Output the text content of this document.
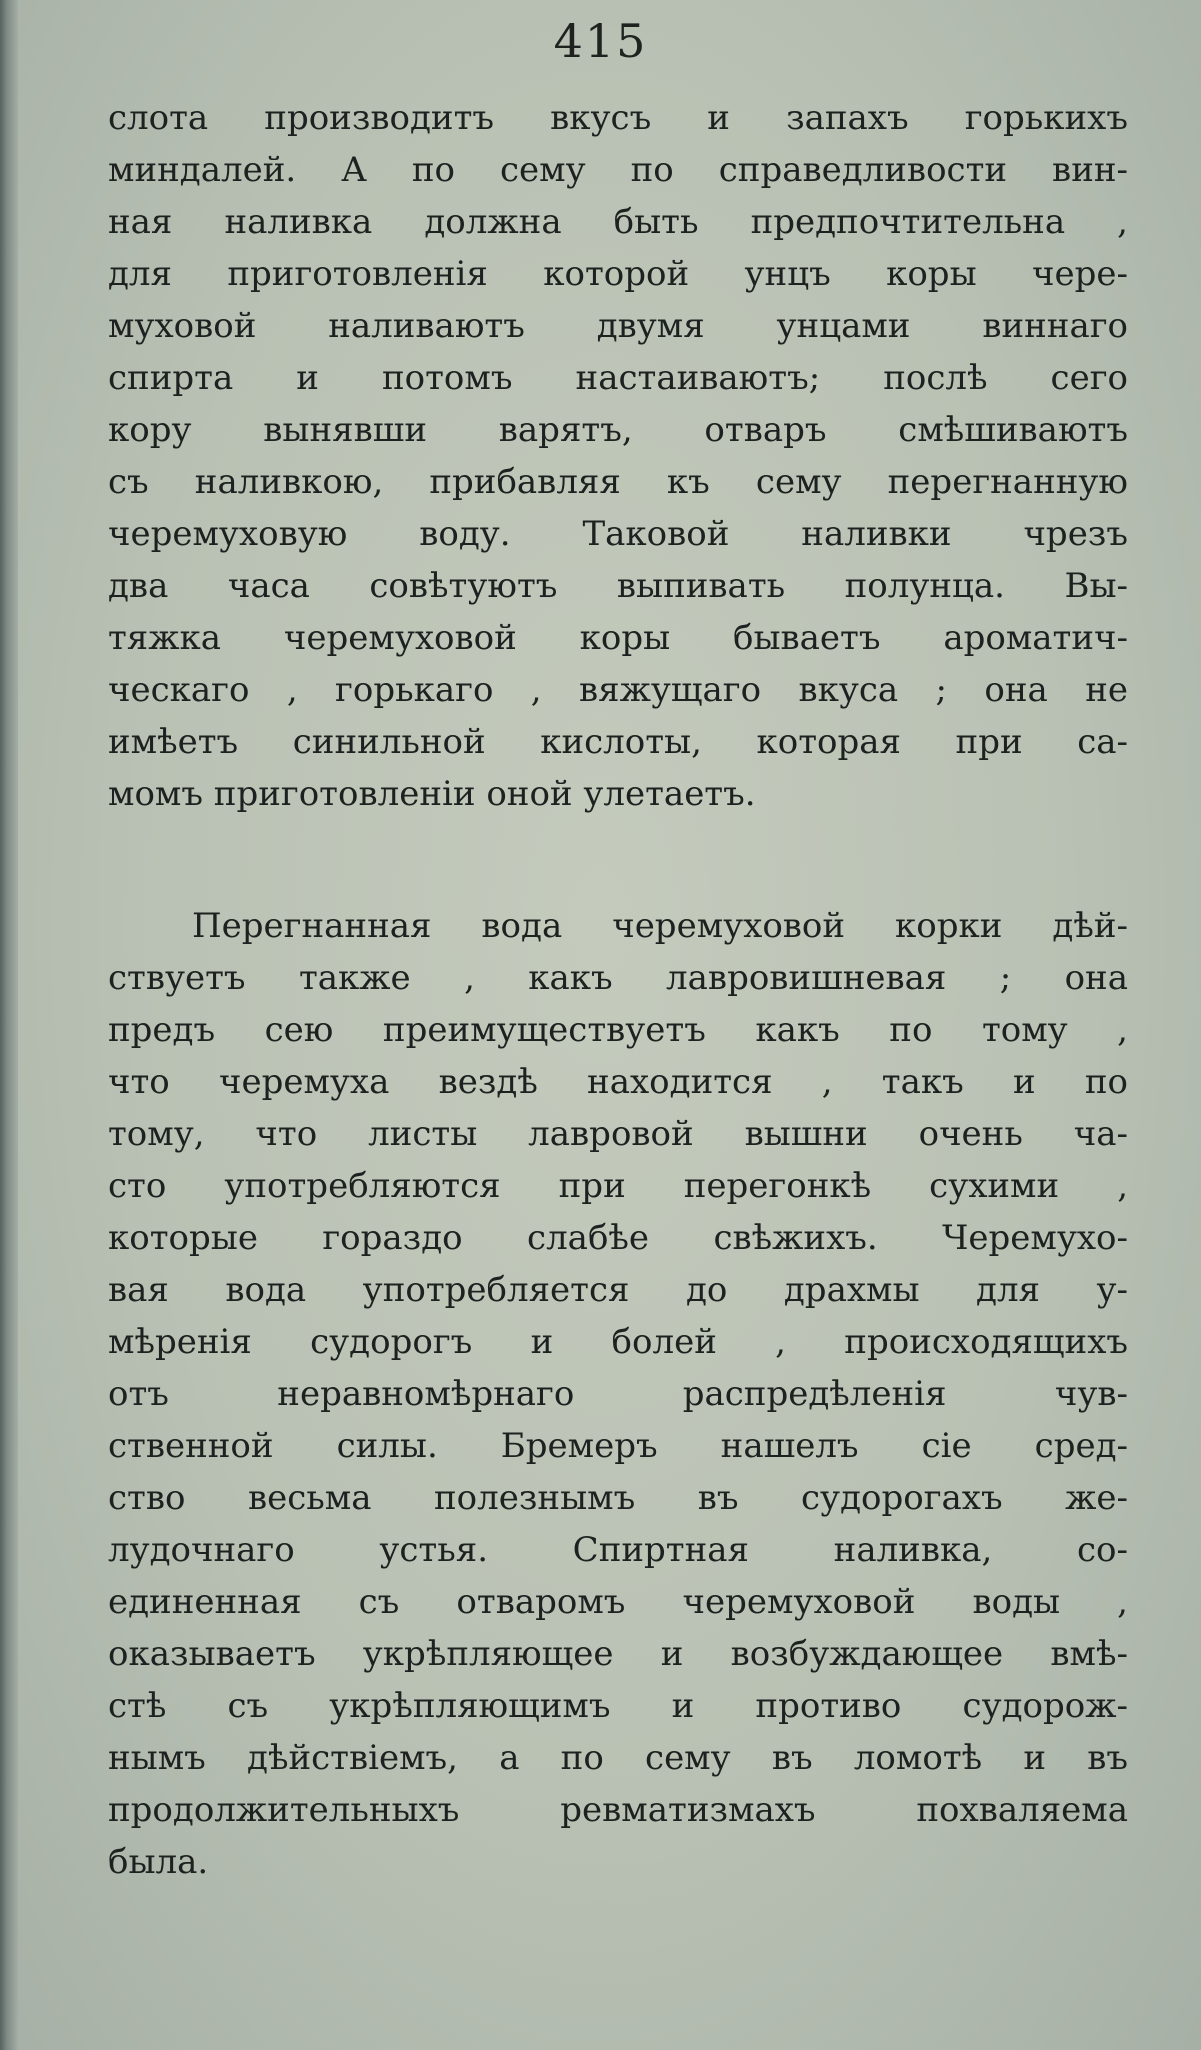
415
слота производитъ вкусъ и запахъ горькихъ
миндалей. А по сему по справедливости вин-
ная наливка должна быть предпочтительна ,
для приготовленія которой унцъ коры чере-
муховой наливаютъ двумя унцами виннаго
спирта и потомъ настаиваютъ; послѣ сего
кору вынявши варятъ, отваръ смѣшиваютъ
съ наливкою, прибавляя къ сему перегнанную
черемуховую воду. Таковой наливки чрезъ
два часа совѣтуютъ выпивать полунца. Вы-
тяжка черемуховой коры бываетъ ароматич-
ческаго , горькаго , вяжущаго вкуса ; она не
имѣетъ синильной кислоты, которая при са-
момъ приготовленіи оной улетаетъ.
Перегнанная вода черемуховой корки дѣй-
ствуетъ также , какъ лавровишневая ; она
предъ сею преимуществуетъ какъ по тому ,
что черемуха вездѣ находится , такъ и по
тому, что листы лавровой вышни очень ча-
сто употребляются при перегонкѣ сухими ,
которые гораздо слабѣе свѣжихъ. Черемухо-
вая вода употребляется до драхмы для у-
мѣренія судорогъ и болей , происходящихъ
отъ неравномѣрнаго распредѣленія чув-
ственной силы. Бремеръ нашелъ сіе сред-
ство весьма полезнымъ въ судорогахъ же-
лудочнаго устья. Спиртная наливка, со-
единенная съ отваромъ черемуховой воды ,
оказываетъ укрѣпляющее и возбуждающее вмѣ-
стѣ съ укрѣпляющимъ и противо судорож-
нымъ дѣйствіемъ, а по сему въ ломотѣ и въ
продолжительныхъ ревматизмахъ похваляема
была.
